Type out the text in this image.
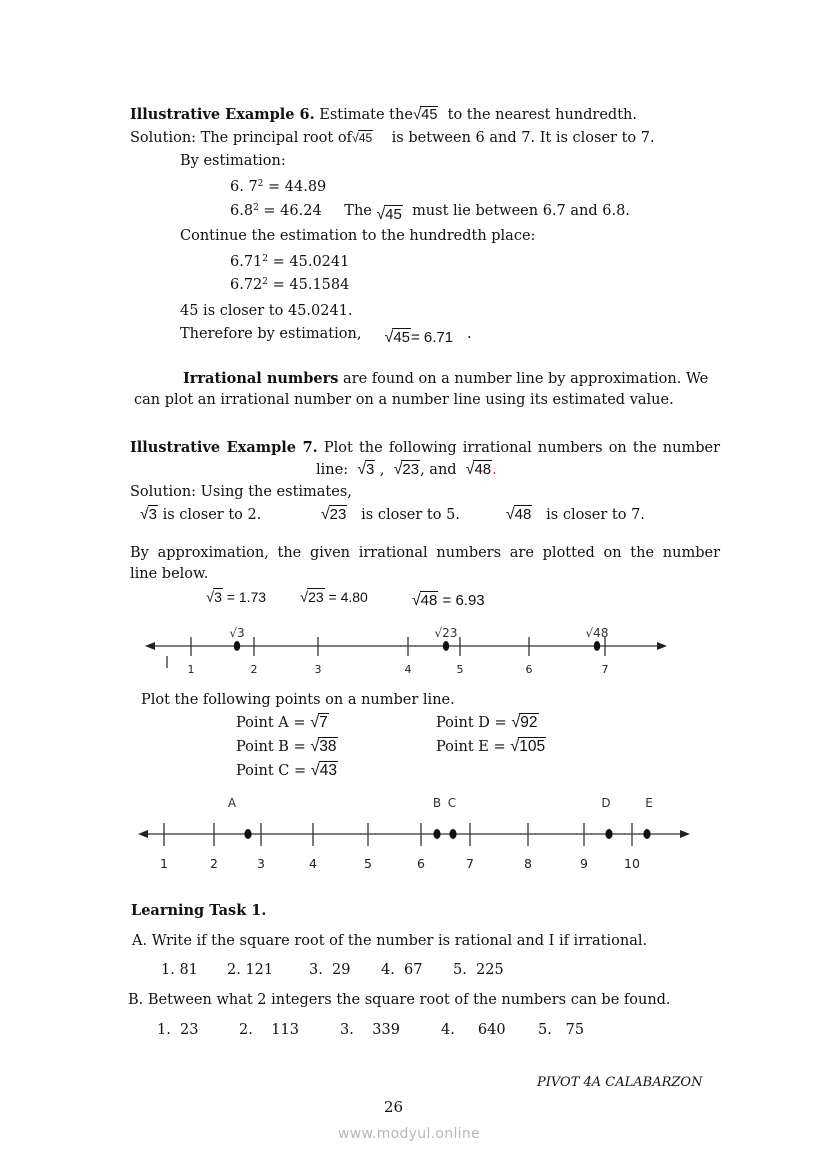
Illustrative Example 6. Estimate the√45 to the nearest hundredth.
Solution: The principal root of√45 is between 6 and 7. It is closer to 7.
By estimation:
6. $7^2 = 44.89$
$6.8^2 = 46.24$ The √45 must lie between 6.7 and 6.8.
Continue the estimation to the hundredth place:
$6.71^2 = 45.0241$
$6.72^2 = 45.1584$
45 is closer to 45.0241.
Therefore by estimation, √45= 6.71 .
Irrational numbers are found on a number line by approximation. We
can plot an irrational number on a number line using its estimated value.
Illustrative Example 7. Plot the following irrational numbers on the number
line: √3 , √23, and √48.
Solution: Using the estimates,
√3 is closer to 2.	√23 is closer to 5.	√48 is closer to 7.
By approximation, the given irrational numbers are plotted on the number
line below.
√3 = 1.73 √23 = 4.80	√48 = 6.93
1	2	3	4	5	6	7
√3	√23	√48
Plot the following points on a number line.
Point A = √7
Point B = √38
Point C = √43
Point D = √92
Point E = √105
1	2	3	4	5	6	7	8	9	10
A	B C	D	E
Learning Task 1.
A. Write if the square root of the number is rational and I if irrational.
1. 81 2. 121 3.  29 4.  67 5.  225
B. Between what 2 integers the square root of the numbers can be found.
1.  23	2.    113	3.    339	4.     640 5.   75
PIVOT 4A CALABARZON
26
www.modyul.online
